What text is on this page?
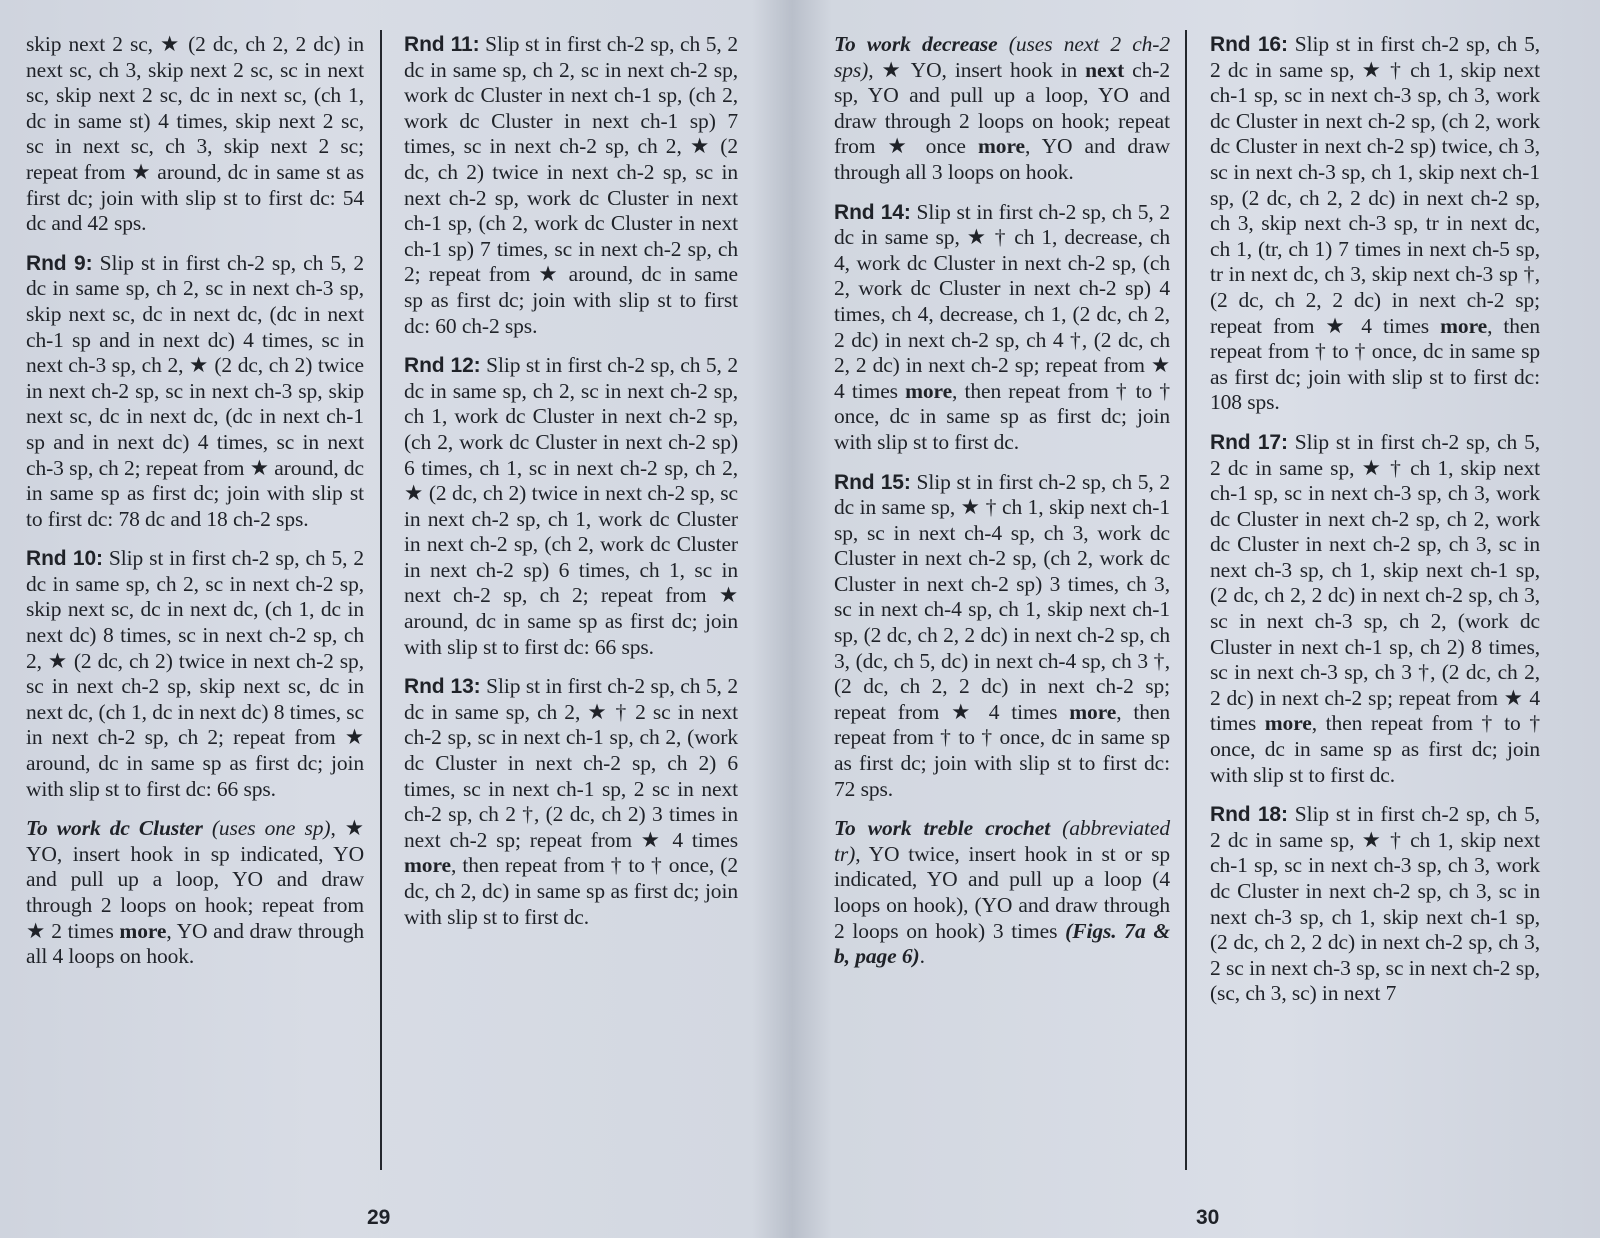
skip next 2 sc, ★ (2 dc, ch 2, 2 dc) in next sc, ch 3, skip next 2 sc, sc in next sc, skip next 2 sc, dc in next sc, (ch 1, dc in same st) 4 times, skip next 2 sc, sc in next sc, ch 3, skip next 2 sc; repeat from ★ around, dc in same st as first dc; join with slip st to first dc: 54 dc and 42 sps.

Rnd 9: Slip st in first ch-2 sp, ch 5, 2 dc in same sp, ch 2, sc in next ch-3 sp, skip next sc, dc in next dc, (dc in next ch-1 sp and in next dc) 4 times, sc in next ch-3 sp, ch 2, ★ (2 dc, ch 2) twice in next ch-2 sp, sc in next ch-3 sp, skip next sc, dc in next dc, (dc in next ch-1 sp and in next dc) 4 times, sc in next ch-3 sp, ch 2; repeat from ★ around, dc in same sp as first dc; join with slip st to first dc: 78 dc and 18 ch-2 sps.

Rnd 10: Slip st in first ch-2 sp, ch 5, 2 dc in same sp, ch 2, sc in next ch-2 sp, skip next sc, dc in next dc, (ch 1, dc in next dc) 8 times, sc in next ch-2 sp, ch 2, ★ (2 dc, ch 2) twice in next ch-2 sp, sc in next ch-2 sp, skip next sc, dc in next dc, (ch 1, dc in next dc) 8 times, sc in next ch-2 sp, ch 2; repeat from ★ around, dc in same sp as first dc; join with slip st to first dc: 66 sps.

To work dc Cluster (uses one sp), ★ YO, insert hook in sp indicated, YO and pull up a loop, YO and draw through 2 loops on hook; repeat from ★ 2 times more, YO and draw through all 4 loops on hook.

Rnd 11: Slip st in first ch-2 sp, ch 5, 2 dc in same sp, ch 2, sc in next ch-2 sp, work dc Cluster in next ch-1 sp, (ch 2, work dc Cluster in next ch-1 sp) 7 times, sc in next ch-2 sp, ch 2, ★ (2 dc, ch 2) twice in next ch-2 sp, sc in next ch-2 sp, work dc Cluster in next ch-1 sp, (ch 2, work dc Cluster in next ch-1 sp) 7 times, sc in next ch-2 sp, ch 2; repeat from ★ around, dc in same sp as first dc; join with slip st to first dc: 60 ch-2 sps.

Rnd 12: Slip st in first ch-2 sp, ch 5, 2 dc in same sp, ch 2, sc in next ch-2 sp, ch 1, work dc Cluster in next ch-2 sp, (ch 2, work dc Cluster in next ch-2 sp) 6 times, ch 1, sc in next ch-2 sp, ch 2, ★ (2 dc, ch 2) twice in next ch-2 sp, sc in next ch-2 sp, ch 1, work dc Cluster in next ch-2 sp, (ch 2, work dc Cluster in next ch-2 sp) 6 times, ch 1, sc in next ch-2 sp, ch 2; repeat from ★ around, dc in same sp as first dc; join with slip st to first dc: 66 sps.

Rnd 13: Slip st in first ch-2 sp, ch 5, 2 dc in same sp, ch 2, ★ † 2 sc in next ch-2 sp, sc in next ch-1 sp, ch 2, (work dc Cluster in next ch-2 sp, ch 2) 6 times, sc in next ch-1 sp, 2 sc in next ch-2 sp, ch 2 †, (2 dc, ch 2) 3 times in next ch-2 sp; repeat from ★ 4 times more, then repeat from † to † once, (2 dc, ch 2, dc) in same sp as first dc; join with slip st to first dc.

29

To work decrease (uses next 2 ch-2 sps), ★ YO, insert hook in next ch-2 sp, YO and pull up a loop, YO and draw through 2 loops on hook; repeat from ★ once more, YO and draw through all 3 loops on hook.

Rnd 14: Slip st in first ch-2 sp, ch 5, 2 dc in same sp, ★ † ch 1, decrease, ch 4, work dc Cluster in next ch-2 sp, (ch 2, work dc Cluster in next ch-2 sp) 4 times, ch 4, decrease, ch 1, (2 dc, ch 2, 2 dc) in next ch-2 sp, ch 4 †, (2 dc, ch 2, 2 dc) in next ch-2 sp; repeat from ★ 4 times more, then repeat from † to † once, dc in same sp as first dc; join with slip st to first dc.

Rnd 15: Slip st in first ch-2 sp, ch 5, 2 dc in same sp, ★ † ch 1, skip next ch-1 sp, sc in next ch-4 sp, ch 3, work dc Cluster in next ch-2 sp, (ch 2, work dc Cluster in next ch-2 sp) 3 times, ch 3, sc in next ch-4 sp, ch 1, skip next ch-1 sp, (2 dc, ch 2, 2 dc) in next ch-2 sp, ch 3, (dc, ch 5, dc) in next ch-4 sp, ch 3 †, (2 dc, ch 2, 2 dc) in next ch-2 sp; repeat from ★ 4 times more, then repeat from † to † once, dc in same sp as first dc; join with slip st to first dc: 72 sps.

To work treble crochet (abbreviated tr), YO twice, insert hook in st or sp indicated, YO and pull up a loop (4 loops on hook), (YO and draw through 2 loops on hook) 3 times (Figs. 7a & b, page 6).

Rnd 16: Slip st in first ch-2 sp, ch 5, 2 dc in same sp, ★ † ch 1, skip next ch-1 sp, sc in next ch-3 sp, ch 3, work dc Cluster in next ch-2 sp, (ch 2, work dc Cluster in next ch-2 sp) twice, ch 3, sc in next ch-3 sp, ch 1, skip next ch-1 sp, (2 dc, ch 2, 2 dc) in next ch-2 sp, ch 3, skip next ch-3 sp, tr in next dc, ch 1, (tr, ch 1) 7 times in next ch-5 sp, tr in next dc, ch 3, skip next ch-3 sp †, (2 dc, ch 2, 2 dc) in next ch-2 sp; repeat from ★ 4 times more, then repeat from † to † once, dc in same sp as first dc; join with slip st to first dc: 108 sps.

Rnd 17: Slip st in first ch-2 sp, ch 5, 2 dc in same sp, ★ † ch 1, skip next ch-1 sp, sc in next ch-3 sp, ch 3, work dc Cluster in next ch-2 sp, ch 2, work dc Cluster in next ch-2 sp, ch 3, sc in next ch-3 sp, ch 1, skip next ch-1 sp, (2 dc, ch 2, 2 dc) in next ch-2 sp, ch 3, sc in next ch-3 sp, ch 2, (work dc Cluster in next ch-1 sp, ch 2) 8 times, sc in next ch-3 sp, ch 3 †, (2 dc, ch 2, 2 dc) in next ch-2 sp; repeat from ★ 4 times more, then repeat from † to † once, dc in same sp as first dc; join with slip st to first dc.

Rnd 18: Slip st in first ch-2 sp, ch 5, 2 dc in same sp, ★ † ch 1, skip next ch-1 sp, sc in next ch-3 sp, ch 3, work dc Cluster in next ch-2 sp, ch 3, sc in next ch-3 sp, ch 1, skip next ch-1 sp, (2 dc, ch 2, 2 dc) in next ch-2 sp, ch 3, 2 sc in next ch-3 sp, sc in next ch-2 sp, (sc, ch 3, sc) in next 7

30
